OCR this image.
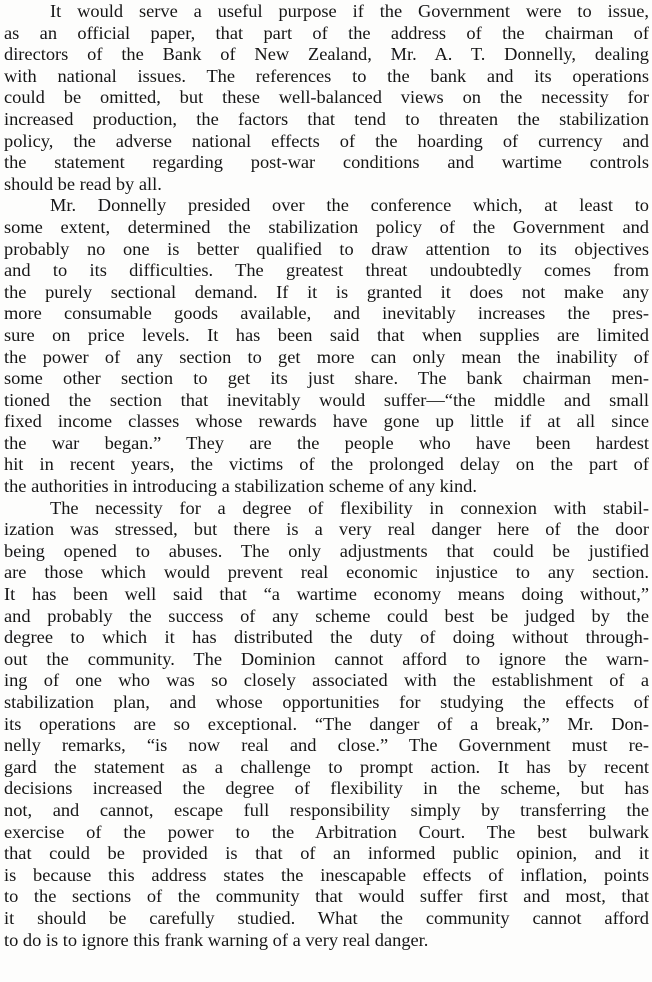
It would serve a useful purpose if the Government were to issue,
as an official paper, that part of the address of the chairman of
directors of the Bank of New Zealand, Mr. A. T. Donnelly, dealing
with national issues. The references to the bank and its operations
could be omitted, but these well-balanced views on the necessity for
increased production, the factors that tend to threaten the stabilization
policy, the adverse national effects of the hoarding of currency and
the statement regarding post-war conditions and wartime controls
should be read by all.
Mr. Donnelly presided over the conference which, at least to
some extent, determined the stabilization policy of the Government and
probably no one is better qualified to draw attention to its objectives
and to its difficulties. The greatest threat undoubtedly comes from
the purely sectional demand. If it is granted it does not make any
more consumable goods available, and inevitably increases the pres-
sure on price levels. It has been said that when supplies are limited
the power of any section to get more can only mean the inability of
some other section to get its just share. The bank chairman men-
tioned the section that inevitably would suffer—“the middle and small
fixed income classes whose rewards have gone up little if at all since
the war began.” They are the people who have been hardest
hit in recent years, the victims of the prolonged delay on the part of
the authorities in introducing a stabilization scheme of any kind.
The necessity for a degree of flexibility in connexion with stabil-
ization was stressed, but there is a very real danger here of the door
being opened to abuses. The only adjustments that could be justified
are those which would prevent real economic injustice to any section.
It has been well said that “a wartime economy means doing without,”
and probably the success of any scheme could best be judged by the
degree to which it has distributed the duty of doing without through-
out the community. The Dominion cannot afford to ignore the warn-
ing of one who was so closely associated with the establishment of a
stabilization plan, and whose opportunities for studying the effects of
its operations are so exceptional. “The danger of a break,” Mr. Don-
nelly remarks, “is now real and close.” The Government must re-
gard the statement as a challenge to prompt action. It has by recent
decisions increased the degree of flexibility in the scheme, but has
not, and cannot, escape full responsibility simply by transferring the
exercise of the power to the Arbitration Court. The best bulwark
that could be provided is that of an informed public opinion, and it
is because this address states the inescapable effects of inflation, points
to the sections of the community that would suffer first and most, that
it should be carefully studied. What the community cannot afford
to do is to ignore this frank warning of a very real danger.
